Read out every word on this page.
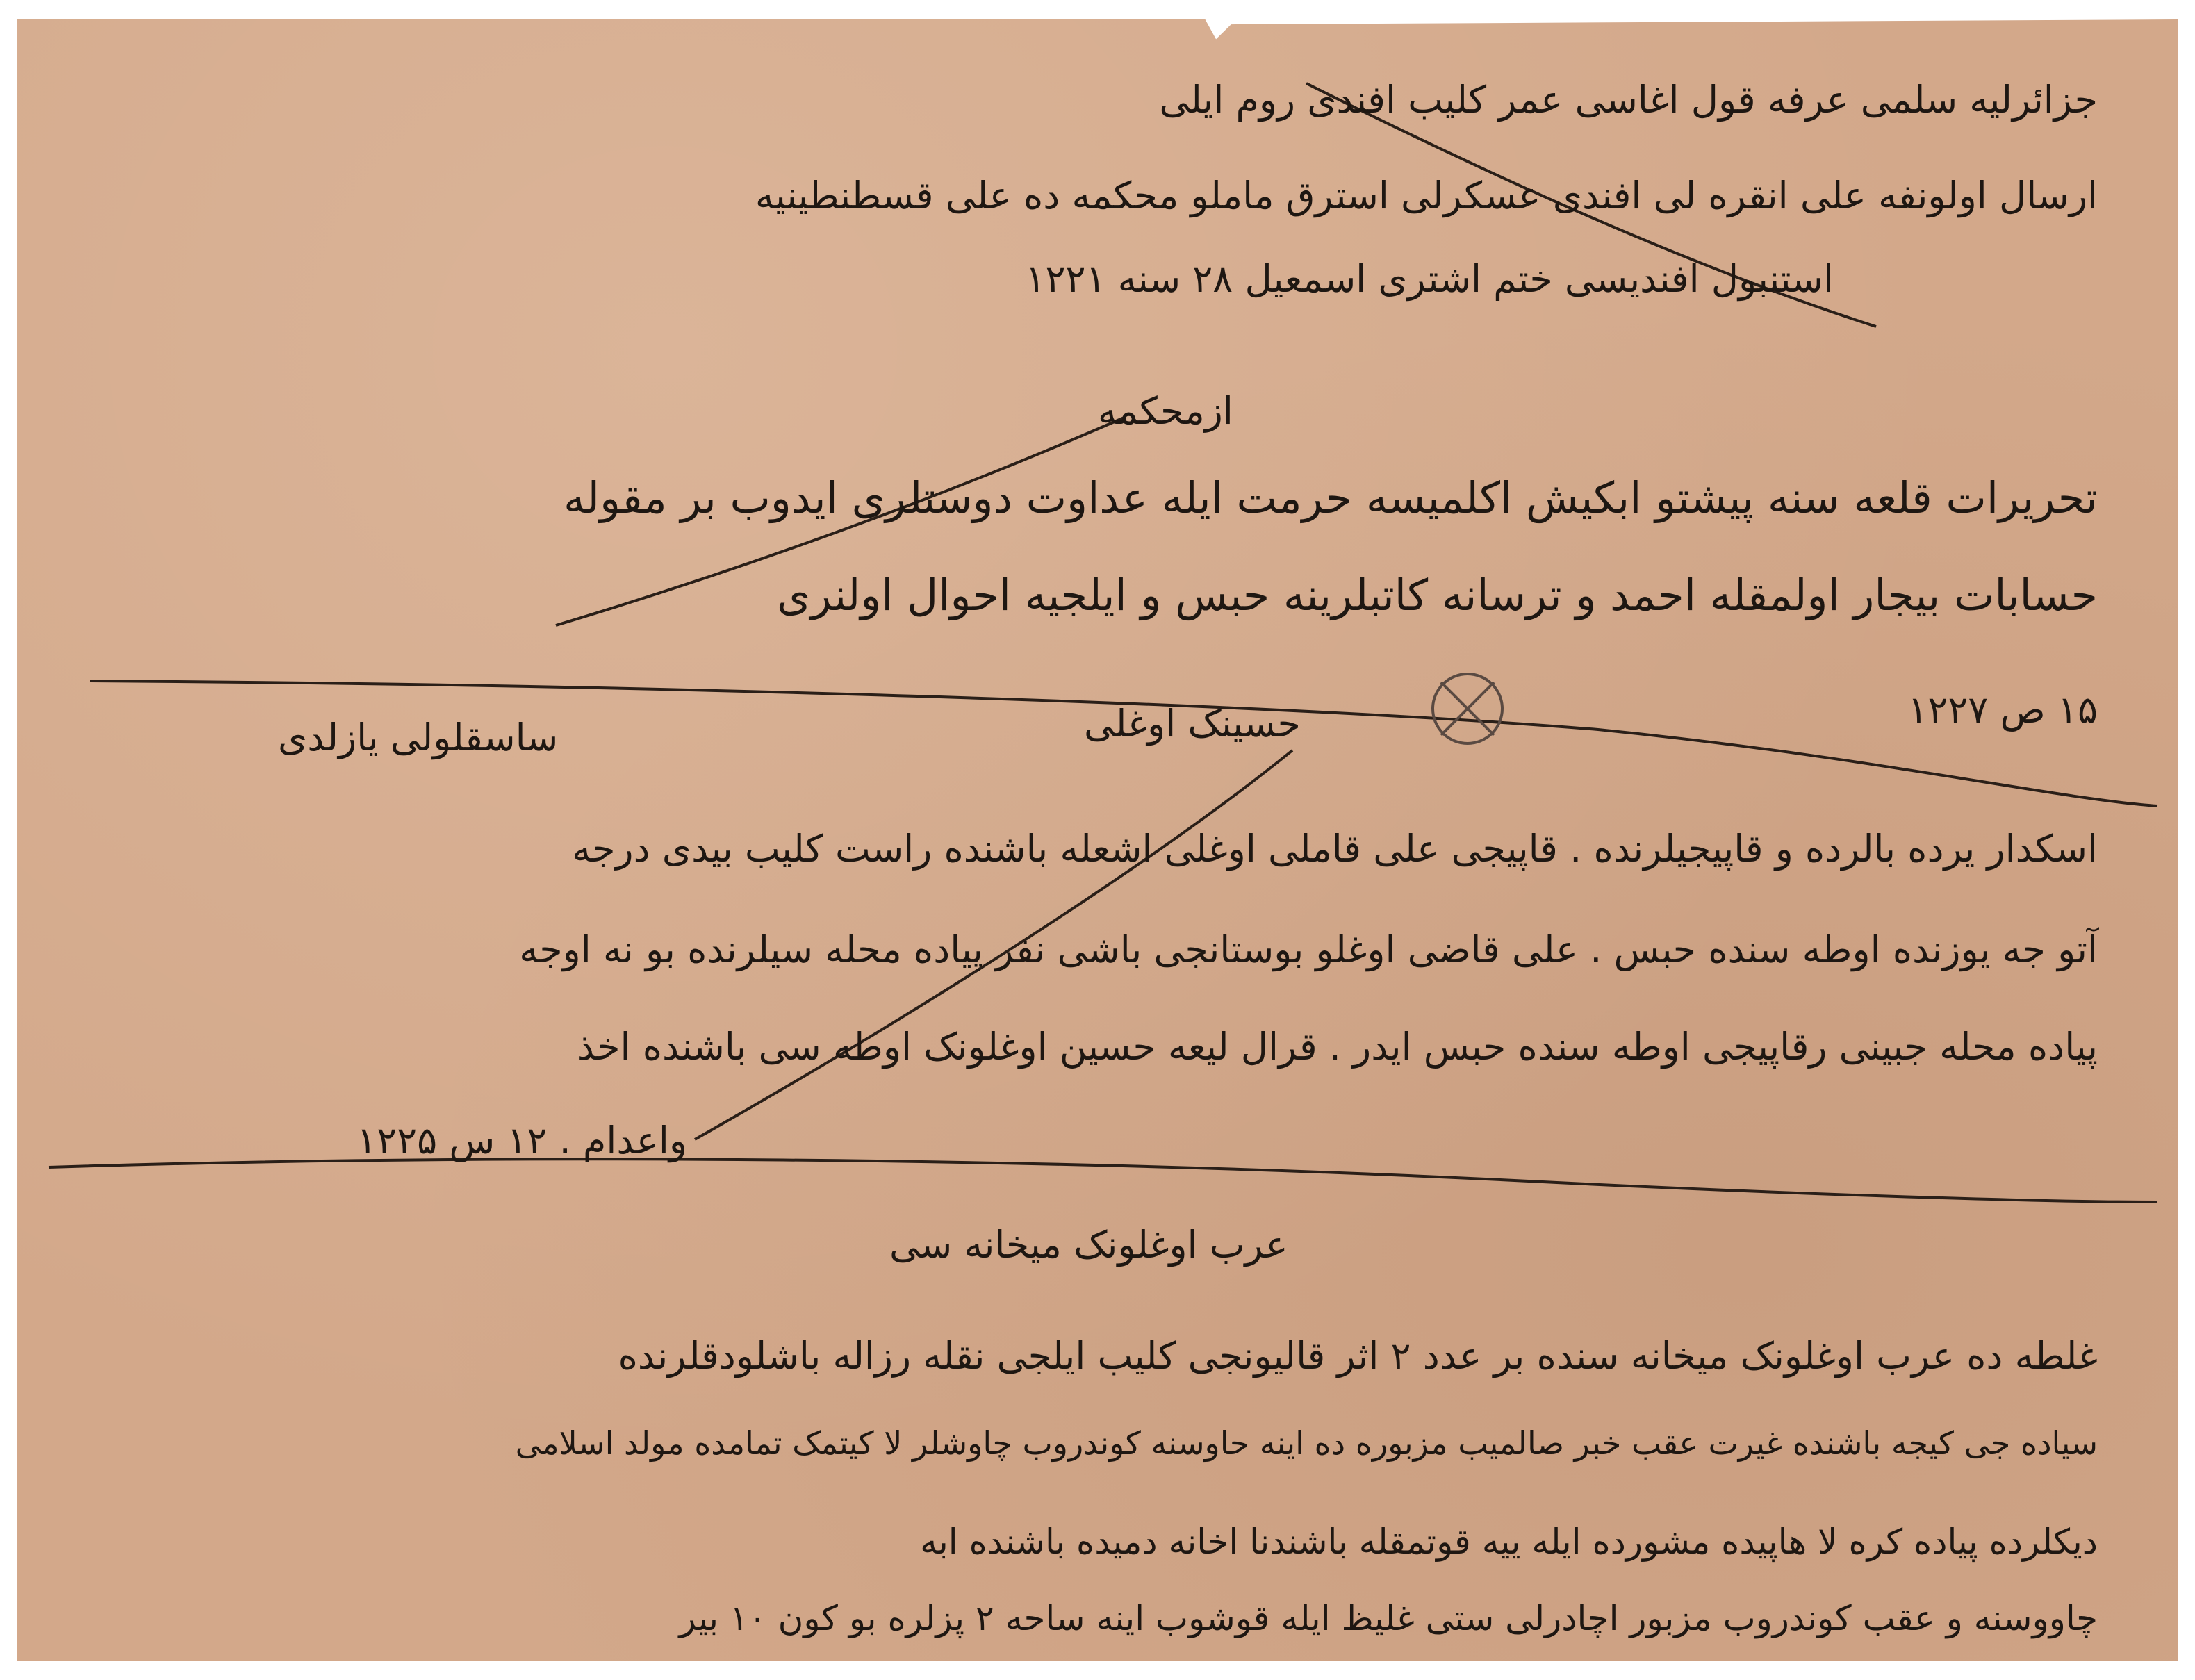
جزائرلیه سلمی عرفه قول اغاسی عمر کلیب افندی روم ایلی
ارسال اولونفه علی انقره لی افندی عسکرلی استرق ماملو محکمه ده علی قسطنطینیه
استنبول افندیسی ختم اشتری اسمعیل ۲۸ سنه ۱۲۲۱
ازمحکمه
تحریرات قلعه سنه پیشتو ابکیش اکلمیسه حرمت ایله عداوت دوستلری ایدوب بر مقوله
حسابات بیجار اولمقله احمد و ترسانه کاتبلرینه حبس و ایلجیه احوال اولنری
۱۵ ص ۱۲۲۷
ساسقلولی یازلدی	حسینک اوغلی
اسکدار یرده بالرده و قاپیجیلرنده . قاپیجی علی قاملی اوغلی اشعله باشنده راست کلیب بیدی درجه
آتو جه یوزنده اوطه سنده حبس . علی قاضی اوغلو بوستانجی باشی نفر پیاده محله سیلرنده بو نه اوجه
پیاده محله جبینی رقاپیجی اوطه سنده حبس ایدر . قرال لیعه حسین اوغلونک اوطه سی باشنده اخذ
واعدام . ۱۲ س ۱۲۲۵
عرب اوغلونک میخانه سی
غلطه ده عرب اوغلونک میخانه سنده بر عدد ۲ اثر قالیونجی کلیب ایلجی نقله رزاله باشلودقلرنده
سیاده جی کیجه باشنده غیرت عقب خبر صالمیب مزبوره ده اینه حاوسنه کوندروب چاوشلر لا کیتمک تمامده مولد اسلامی
دیکلرده پیاده کره لا هاپیده مشورده ایله ییه قوتمقله باشندنا اخانه دمیده باشنده ابه
چاووسنه و عقب کوندروب مزبور اچادرلی ستی غلیظ ایله قوشوب اینه ساحه ۲ پزلره بو کون ۱۰ بیر
